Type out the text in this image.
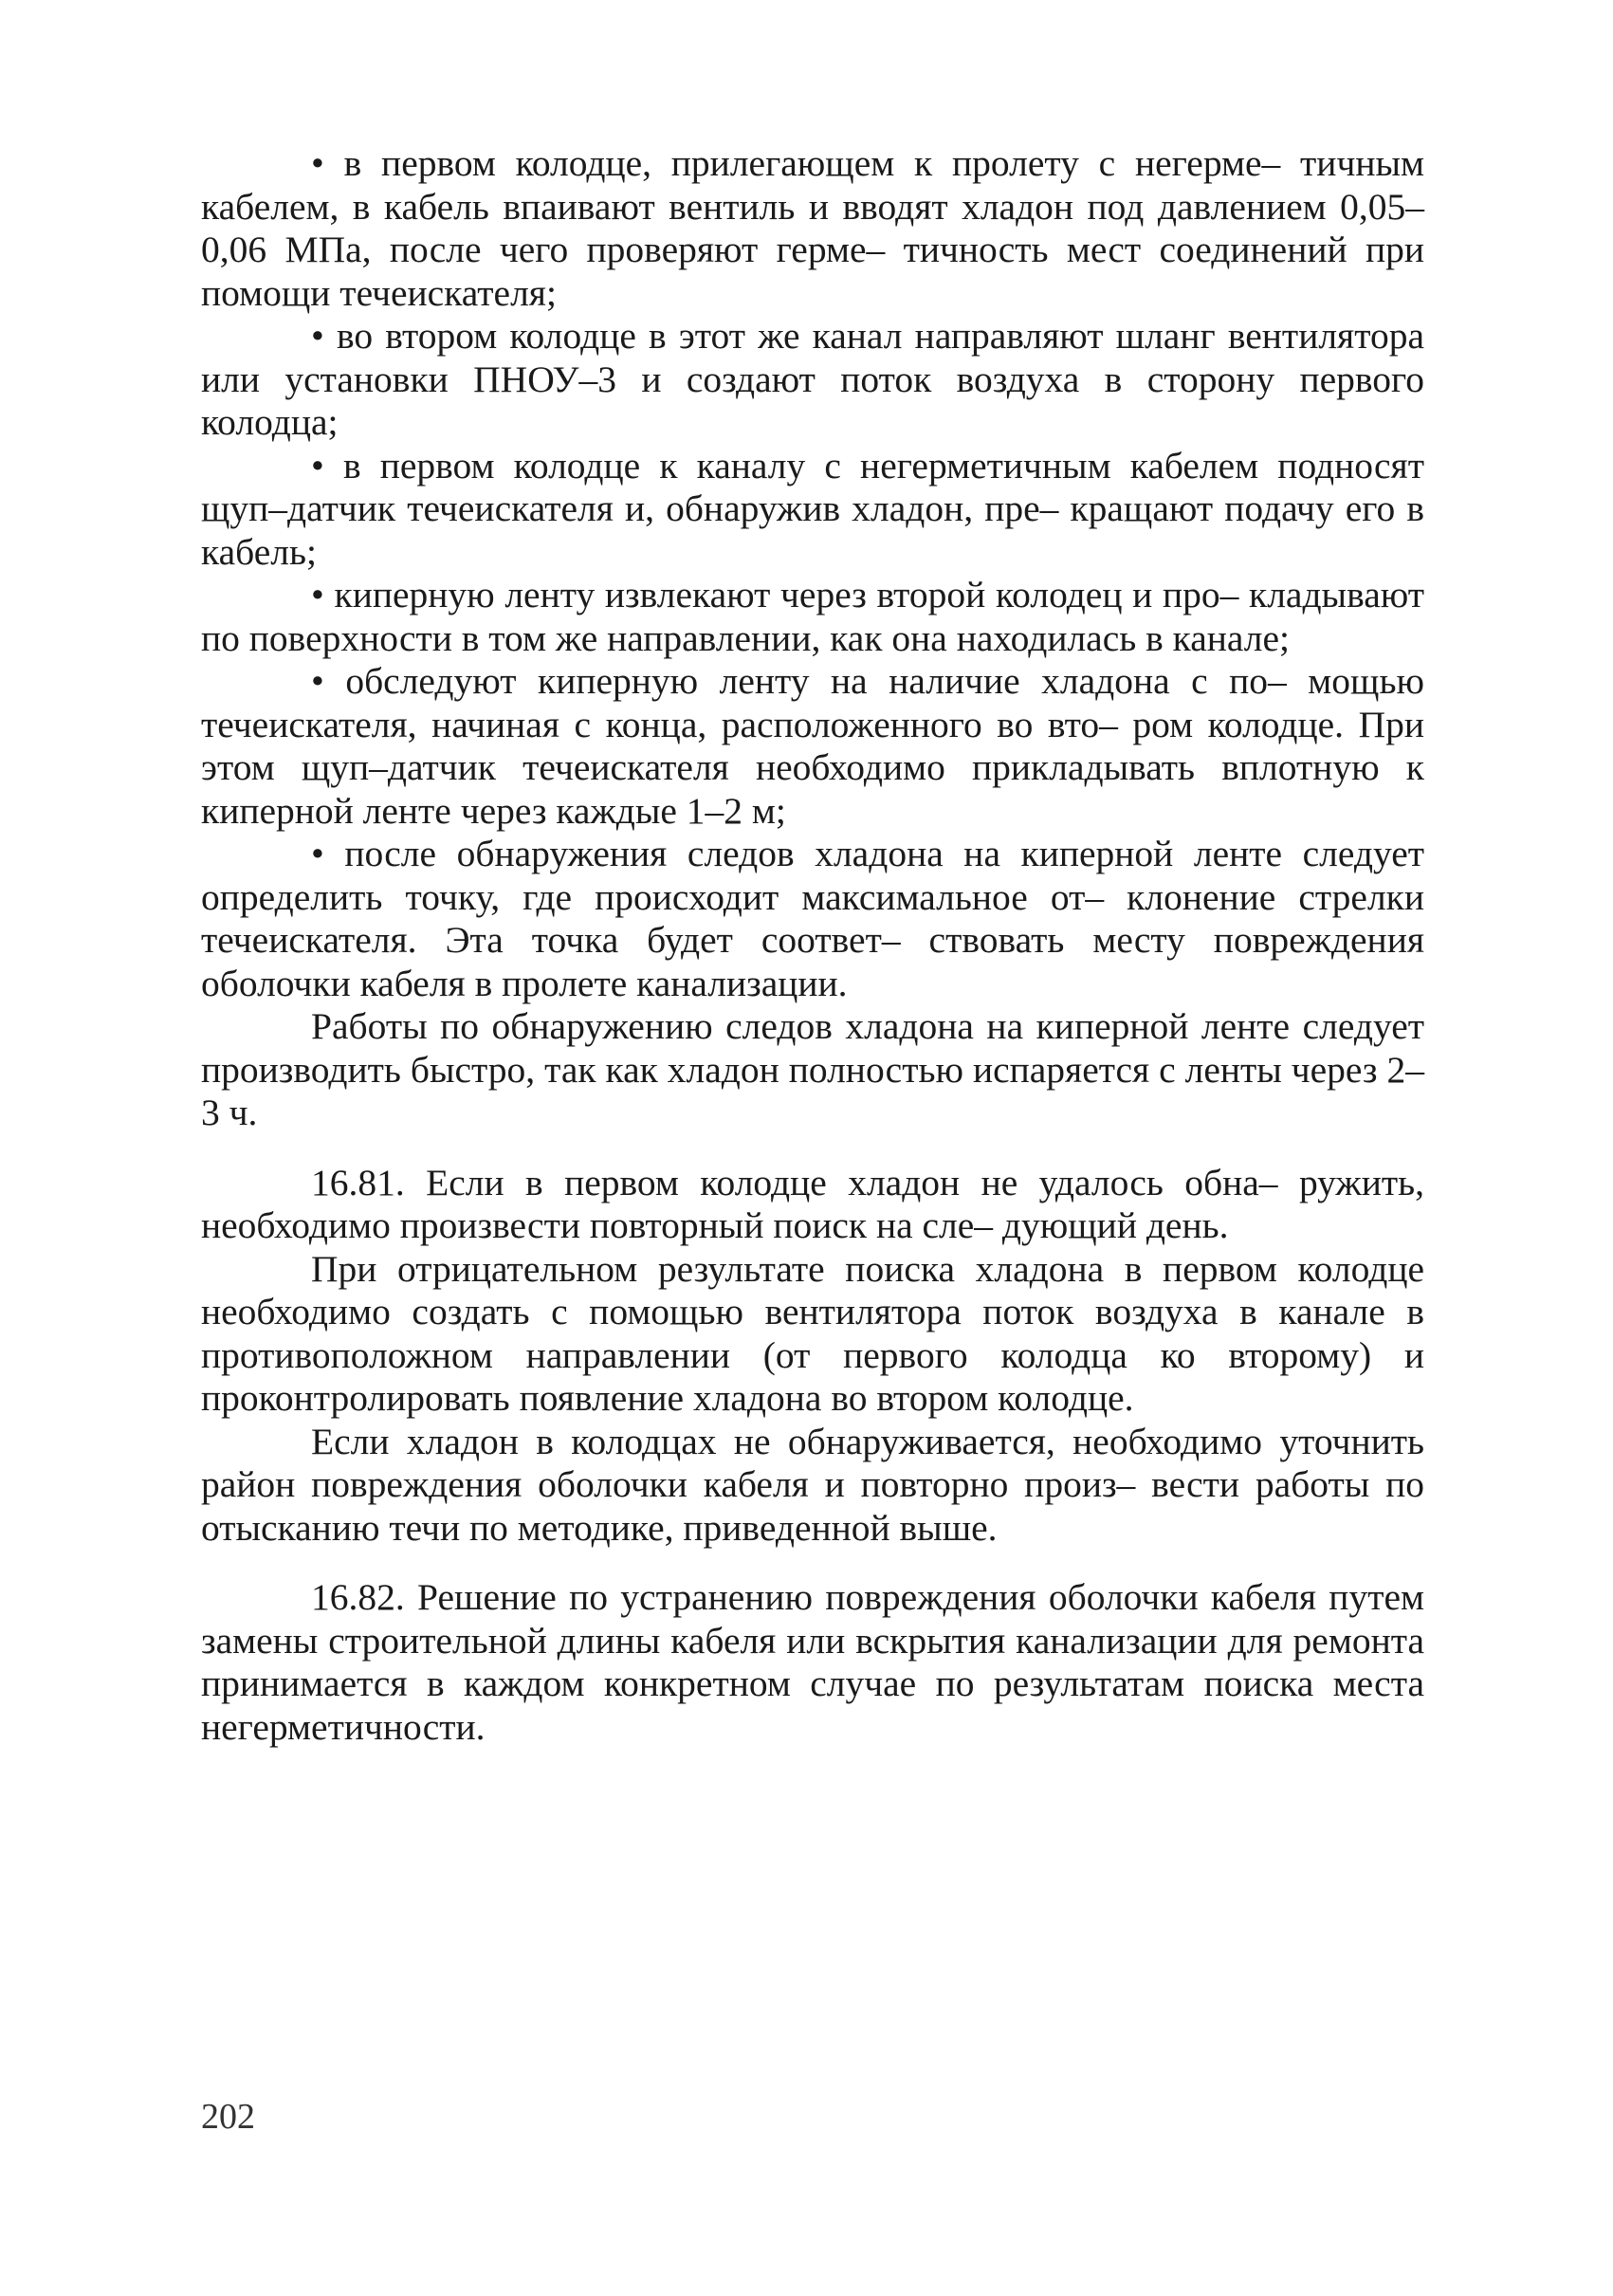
• в первом колодце, прилегающем к пролету с негерме– тичным кабелем, в кабель впаивают вентиль и вводят хладон под давлением 0,05–0,06 МПа, после чего проверяют герме– тичность мест соединений при помощи течеискателя;

• во втором колодце в этот же канал направляют шланг вентилятора или установки ПНОУ–3 и создают поток воздуха в сторону первого колодца;

• в первом колодце к каналу с негерметичным кабелем подносят щуп–датчик течеискателя и, обнаружив хладон, пре– кращают подачу его в кабель;

• киперную ленту извлекают через второй колодец и про– кладывают по поверхности в том же направлении, как она находилась в канале;

• обследуют киперную ленту на наличие хладона с по– мощью течеискателя, начиная с конца, расположенного во вто– ром колодце. При этом щуп–датчик течеискателя необходимо прикладывать вплотную к киперной ленте через каждые 1–2 м;

• после обнаружения следов хладона на киперной ленте следует определить точку, где происходит максимальное от– клонение стрелки течеискателя. Эта точка будет соответ– ствовать месту повреждения оболочки кабеля в пролете канализации.

Работы по обнаружению следов хладона на киперной ленте следует производить быстро, так как хладон полностью испаряется с ленты через 2–3 ч.

16.81. Если в первом колодце хладон не удалось обна– ружить, необходимо произвести повторный поиск на сле– дующий день.

При отрицательном результате поиска хладона в первом колодце необходимо создать с помощью вентилятора поток воздуха в канале в противоположном направлении (от первого колодца ко второму) и проконтролировать появление хладона во втором колодце.

Если хладон в колодцах не обнаруживается, необходимо уточнить район повреждения оболочки кабеля и повторно произ– вести работы по отысканию течи по методике, приведенной выше.

16.82. Решение по устранению повреждения оболочки кабеля путем замены строительной длины кабеля или вскрытия канализации для ремонта принимается в каждом конкретном случае по результатам поиска места негерметичности.

202
